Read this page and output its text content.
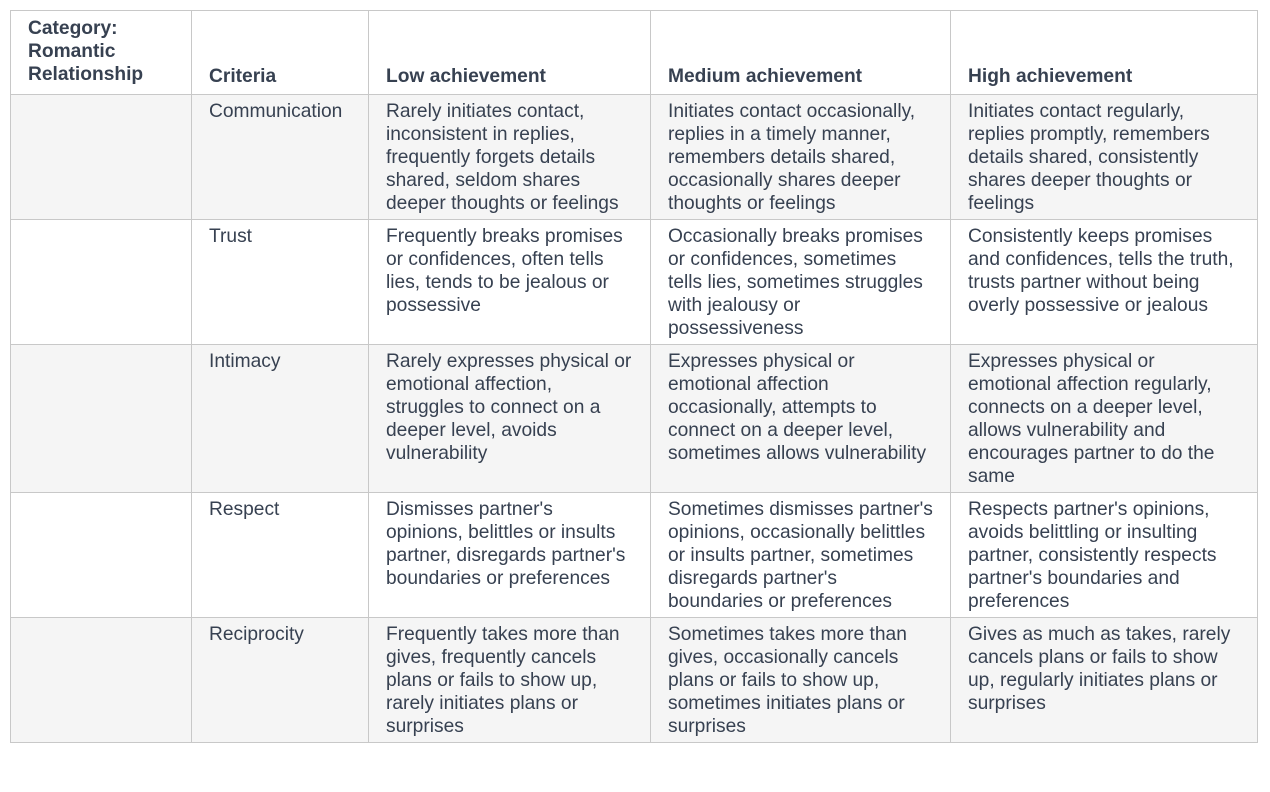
Category: Romantic Relationship	Criteria	Low achievement	Medium achievement	High achievement
	Communication	Rarely initiates contact, inconsistent in replies, frequently forgets details shared, seldom shares deeper thoughts or feelings	Initiates contact occasionally, replies in a timely manner, remembers details shared, occasionally shares deeper thoughts or feelings	Initiates contact regularly, replies promptly, remembers details shared, consistently shares deeper thoughts or feelings
	Trust	Frequently breaks promises or confidences, often tells lies, tends to be jealous or possessive	Occasionally breaks promises or confidences, sometimes tells lies, sometimes struggles with jealousy or possessiveness	Consistently keeps promises and confidences, tells the truth, trusts partner without being overly possessive or jealous
	Intimacy	Rarely expresses physical or emotional affection, struggles to connect on a deeper level, avoids vulnerability	Expresses physical or emotional affection occasionally, attempts to connect on a deeper level, sometimes allows vulnerability	Expresses physical or emotional affection regularly, connects on a deeper level, allows vulnerability and encourages partner to do the same
	Respect	Dismisses partner's opinions, belittles or insults partner, disregards partner's boundaries or preferences	Sometimes dismisses partner's opinions, occasionally belittles or insults partner, sometimes disregards partner's boundaries or preferences	Respects partner's opinions, avoids belittling or insulting partner, consistently respects partner's boundaries and preferences
	Reciprocity	Frequently takes more than gives, frequently cancels plans or fails to show up, rarely initiates plans or surprises	Sometimes takes more than gives, occasionally cancels plans or fails to show up, sometimes initiates plans or surprises	Gives as much as takes, rarely cancels plans or fails to show up, regularly initiates plans or surprises
